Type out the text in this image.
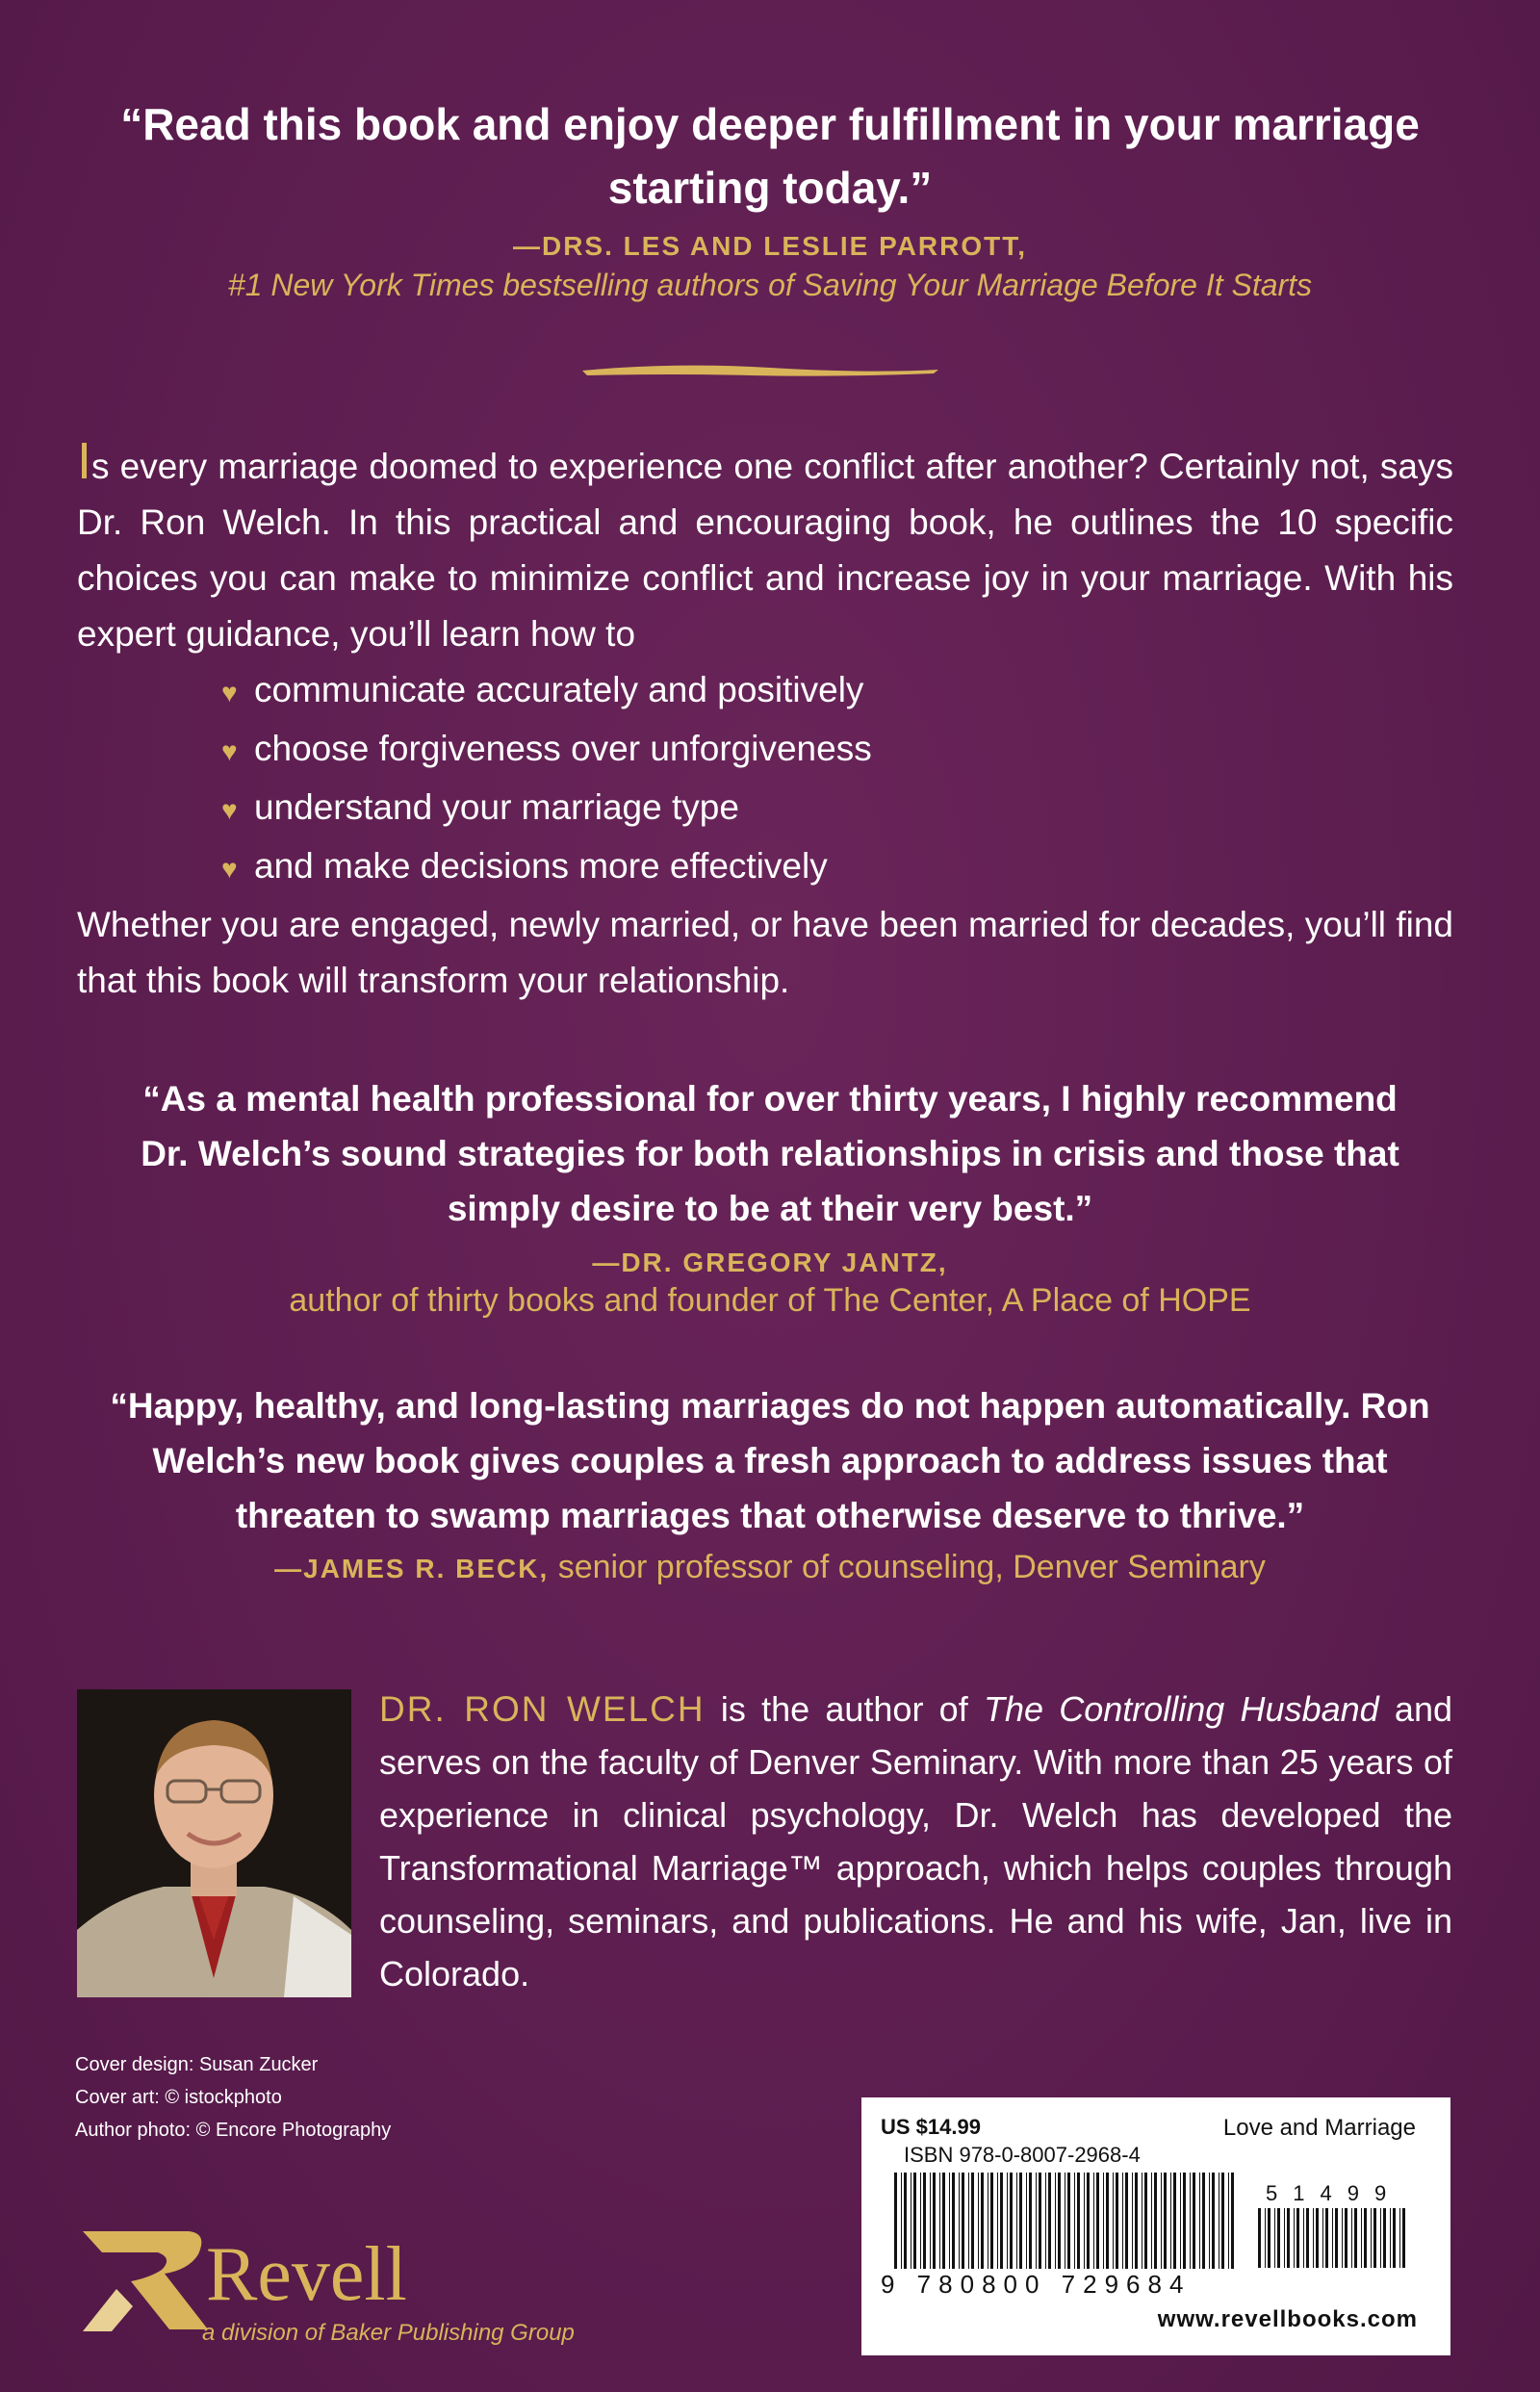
“Read this book and enjoy deeper fulfillment in your marriage starting today.”
—DRS. LES AND LESLIE PARROTT,
#1 New York Times bestselling authors of Saving Your Marriage Before It Starts

Is every marriage doomed to experience one conflict after another? Certainly not, says Dr. Ron Welch. In this practical and encouraging book, he outlines the 10 specific choices you can make to minimize conflict and increase joy in your marriage. With his expert guidance, you’ll learn how to

♥ communicate accurately and positively
♥ choose forgiveness over unforgiveness
♥ understand your marriage type
♥ and make decisions more effectively

Whether you are engaged, newly married, or have been married for decades, you’ll find that this book will transform your relationship.

“As a mental health professional for over thirty years, I highly recommend Dr. Welch’s sound strategies for both relationships in crisis and those that simply desire to be at their very best.”
—DR. GREGORY JANTZ,
author of thirty books and founder of The Center, A Place of HOPE
“Happy, healthy, and long-lasting marriages do not happen automatically. Ron Welch’s new book gives couples a fresh approach to address issues that threaten to swamp marriages that otherwise deserve to thrive.”
—JAMES R. BECK, senior professor of counseling, Denver Seminary
DR. RON WELCH is the author of The Controlling Husband and serves on the faculty of Denver Seminary. With more than 25 years of experience in clinical psychology, Dr. Welch has developed the Transformational Marriage™ approach, which helps couples through counseling, seminars, and publications. He and his wife, Jan, live in Colorado.
Cover design: Susan Zucker
Cover art: © istockphoto
Author photo: © Encore Photography
Revell
a division of Baker Publishing Group
US $14.99	Love and Marriage
ISBN 978-0-8007-2968-4
51499
9 780800 729684
www.revellbooks.com
